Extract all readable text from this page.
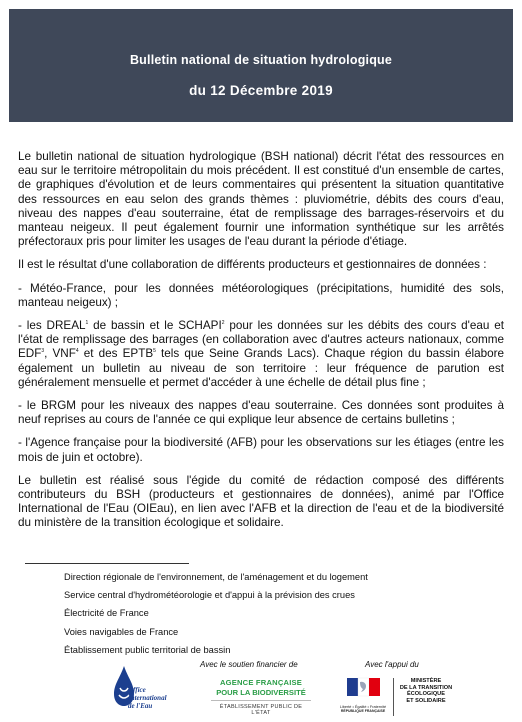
Bulletin national de situation hydrologique
du 12 Décembre 2019

Le bulletin national de situation hydrologique (BSH national) décrit l'état des ressources en eau sur le territoire métropolitain du mois précédent. Il est constitué d'un ensemble de cartes, de graphiques d'évolution et de leurs commentaires qui présentent la situation quantitative des ressources en eau selon des grands thèmes : pluviométrie, débits des cours d'eau, niveau des nappes d'eau souterraine, état de remplissage des barrages-réservoirs et du manteau neigeux. Il peut également fournir une information synthétique sur les arrêtés préfectoraux pris pour limiter les usages de l'eau durant la période d'étiage.

Il est le résultat d'une collaboration de différents producteurs et gestionnaires de données :

- Météo-France, pour les données météorologiques (précipitations, humidité des sols, manteau neigeux) ;

- les DREAL$^1$ de bassin et le SCHAPI$^2$ pour les données sur les débits des cours d'eau et l'état de remplissage des barrages (en collaboration avec d'autres acteurs nationaux, comme EDF$^3$, VNF$^4$ et des EPTB$^5$ tels que Seine Grands Lacs). Chaque région du bassin élabore également un bulletin au niveau de son territoire : leur fréquence de parution est généralement mensuelle et permet d'accéder à une échelle de détail plus fine ;

- le BRGM pour les niveaux des nappes d'eau souterraine. Ces données sont produites à neuf reprises au cours de l'année ce qui explique leur absence de certains bulletins ;

- l'Agence française pour la biodiversité (AFB) pour les observations sur les étiages (entre les mois de juin et octobre).

Le bulletin est réalisé sous l'égide du comité de rédaction composé des différents contributeurs du BSH (producteurs et gestionnaires de données), animé par l'Office International de l'Eau (OIEau), en lien avec l'AFB et la direction de l'eau et de la biodiversité du ministère de la transition écologique et solidaire.

Direction régionale de l'environnement, de l'aménagement et du logement
Service central d'hydrométéorologie et d'appui à la prévision des crues
Électricité de France
Voies navigables de France
Établissement public territorial de bassin
Avec le soutien financier de	Avec l'appui du
Office
International
de l'Eau
AGENCE FRANÇAISE
POUR LA BIODIVERSITÉ
ÉTABLISSEMENT PUBLIC DE L'ÉTAT
Liberté • Égalité • Fraternité
RÉPUBLIQUE FRANÇAISE
MINISTÈRE
DE LA TRANSITION
ÉCOLOGIQUE
ET SOLIDAIRE
